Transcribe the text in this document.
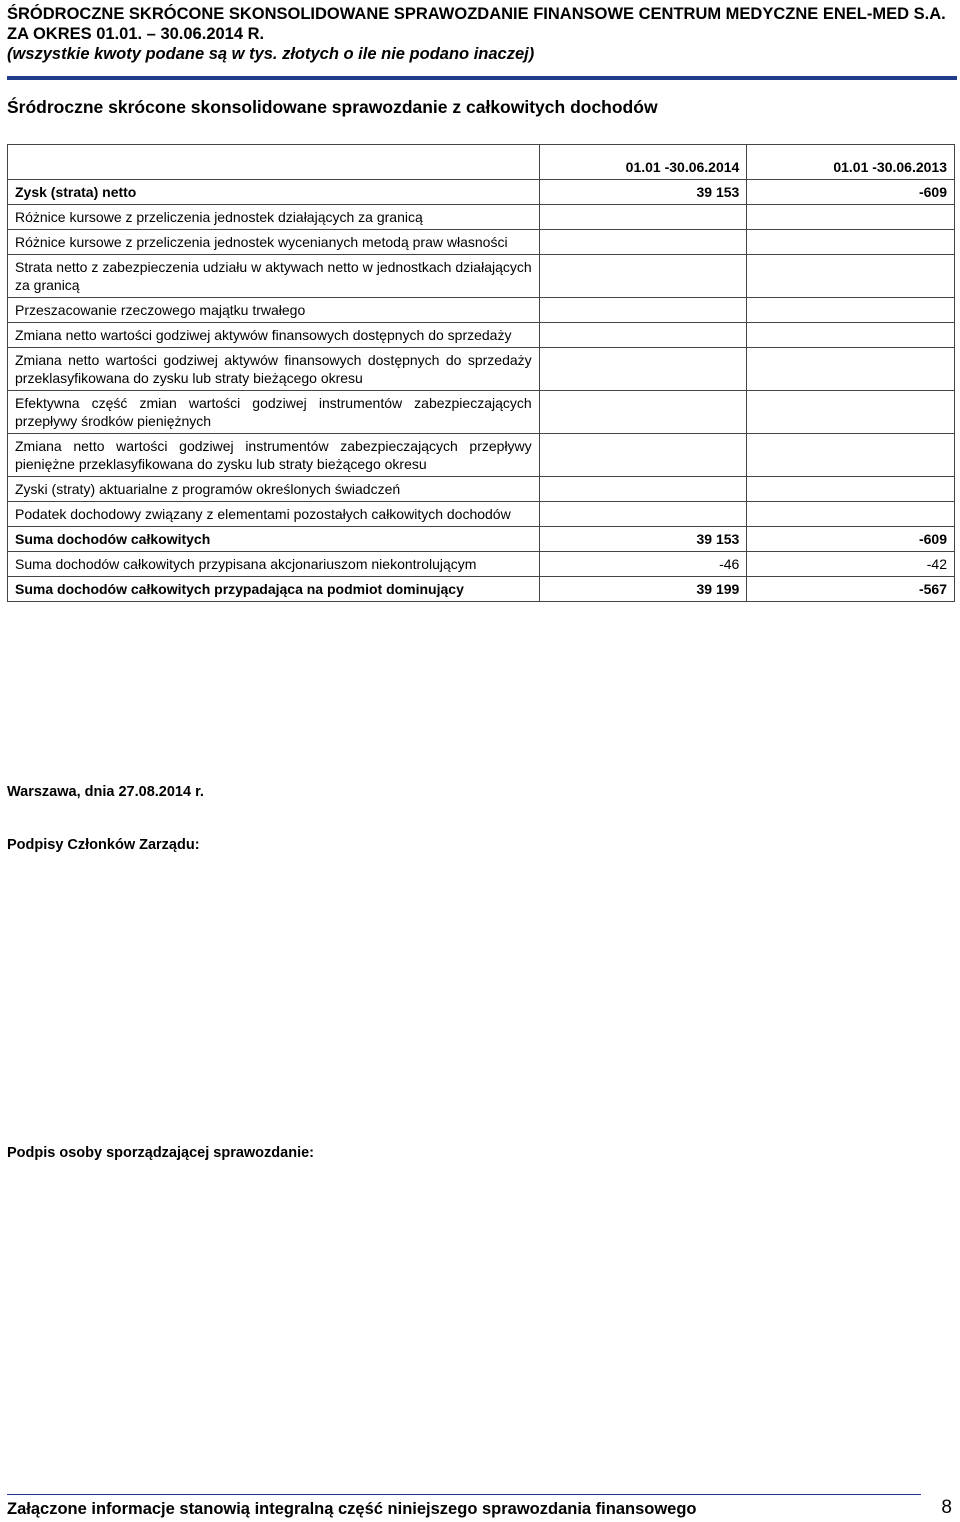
ŚRÓDROCZNE SKRÓCONE SKONSOLIDOWANE SPRAWOZDANIE FINANSOWE CENTRUM MEDYCZNE ENEL-MED S.A. ZA OKRES 01.01. – 30.06.2014 R.
(wszystkie kwoty podane są w tys. złotych o ile nie podano inaczej)
Śródroczne skrócone skonsolidowane sprawozdanie z całkowitych dochodów
	01.01 -30.06.2014	01.01 -30.06.2013
Zysk (strata) netto	39 153	-609
Różnice kursowe z przeliczenia jednostek działających za granicą		
Różnice kursowe z przeliczenia jednostek wycenianych metodą praw własności		
Strata netto z zabezpieczenia udziału w aktywach netto w jednostkach działających za granicą		
Przeszacowanie rzeczowego majątku trwałego		
Zmiana netto wartości godziwej aktywów finansowych dostępnych do sprzedaży		
Zmiana netto wartości godziwej aktywów finansowych dostępnych do sprzedaży przeklasyfikowana do zysku lub straty bieżącego okresu		
Efektywna część zmian wartości godziwej instrumentów zabezpieczających przepływy środków pieniężnych		
Zmiana netto wartości godziwej instrumentów zabezpieczających przepływy pieniężne przeklasyfikowana do zysku lub straty bieżącego okresu		
Zyski (straty) aktuarialne z programów określonych świadczeń		
Podatek dochodowy związany z elementami pozostałych całkowitych dochodów		
Suma dochodów całkowitych	39 153	-609
Suma dochodów całkowitych przypisana akcjonariuszom niekontrolującym	-46	-42
Suma dochodów całkowitych przypadająca na podmiot dominujący	39 199	-567
Warszawa, dnia 27.08.2014 r.
Podpisy Członków Zarządu:
Podpis osoby sporządzającej sprawozdanie:
Załączone informacje stanowią integralną część niniejszego sprawozdania finansowego	8
